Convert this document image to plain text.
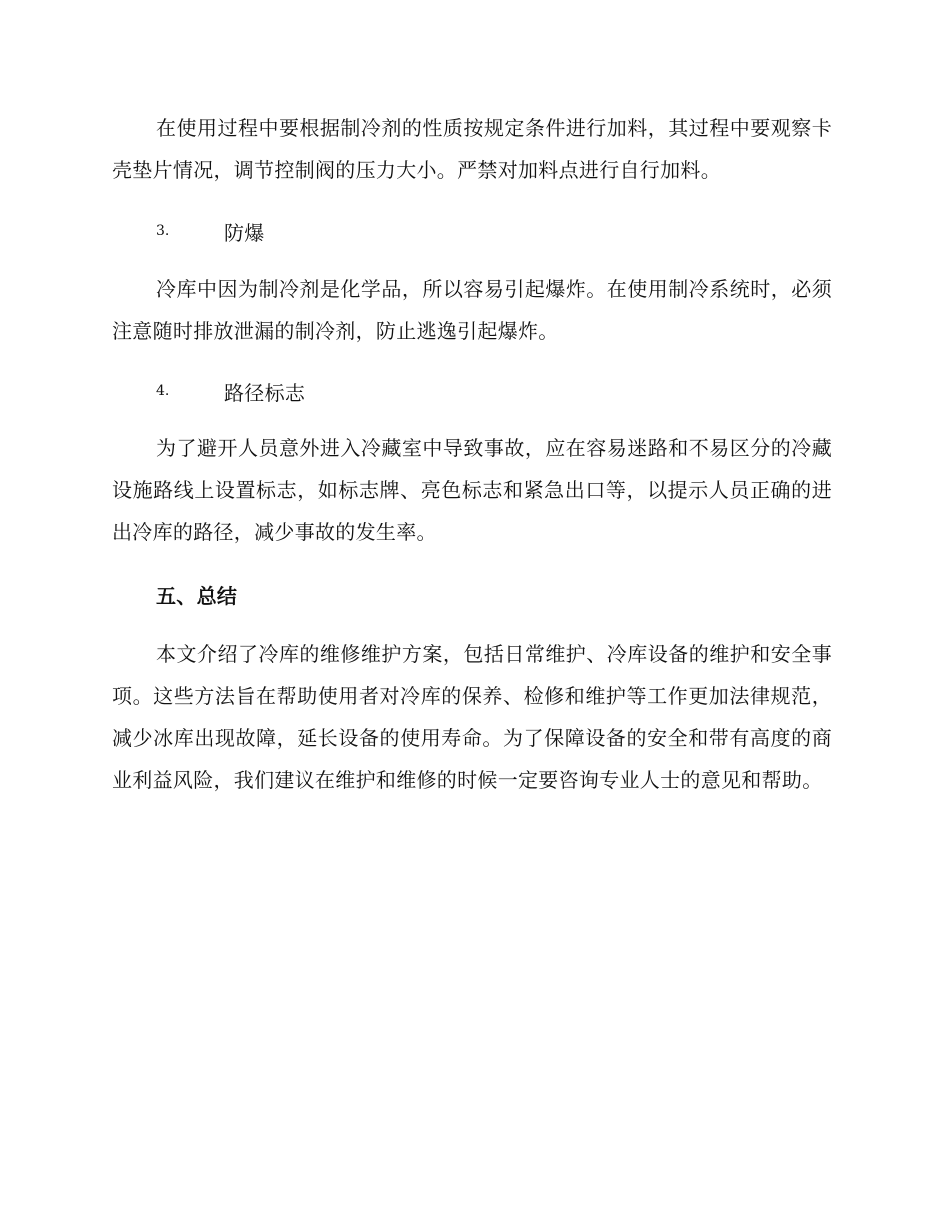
在使用过程中要根据制冷剂的性质按规定条件进行加料，其过程中要观察卡壳垫片情况，调节控制阀的压力大小。严禁对加料点进行自行加料。

3.	防爆

冷库中因为制冷剂是化学品，所以容易引起爆炸。在使用制冷系统时，必须注意随时排放泄漏的制冷剂，防止逃逸引起爆炸。

4.	路径标志

为了避开人员意外进入冷藏室中导致事故，应在容易迷路和不易区分的冷藏设施路线上设置标志，如标志牌、亮色标志和紧急出口等，以提示人员正确的进出冷库的路径，减少事故的发生率。

五、总结

本文介绍了冷库的维修维护方案，包括日常维护、冷库设备的维护和安全事项。这些方法旨在帮助使用者对冷库的保养、检修和维护等工作更加法律规范，减少冰库出现故障，延长设备的使用寿命。为了保障设备的安全和带有高度的商业利益风险，我们建议在维护和维修的时候一定要咨询专业人士的意见和帮助。
